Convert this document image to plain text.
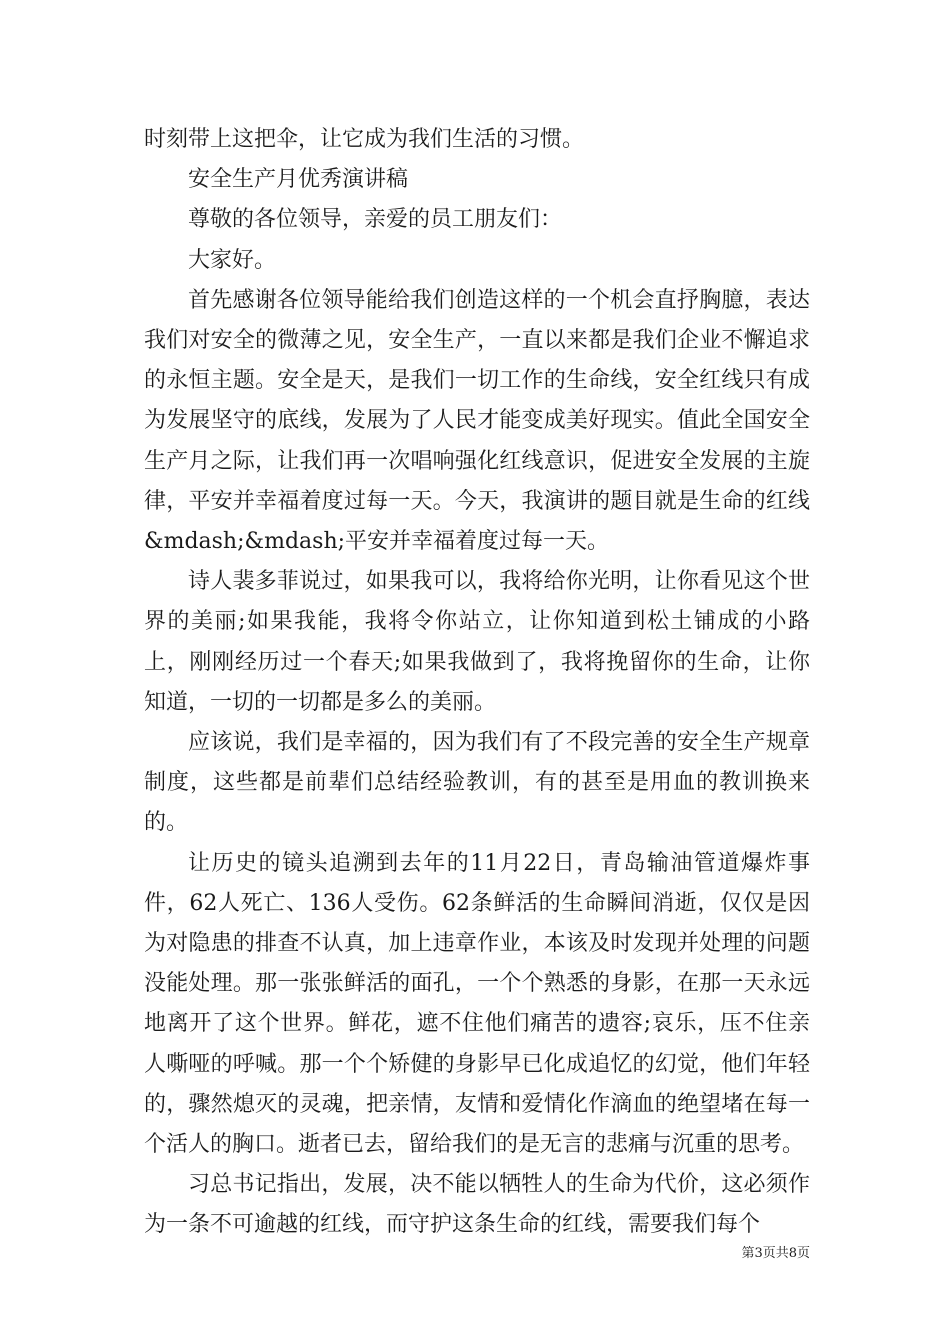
时刻带上这把伞，让它成为我们生活的习惯。

安全生产月优秀演讲稿

尊敬的各位领导，亲爱的员工朋友们：

大家好。

首先感谢各位领导能给我们创造这样的一个机会直抒胸臆，表达我们对安全的微薄之见，安全生产，一直以来都是我们企业不懈追求的永恒主题。安全是天，是我们一切工作的生命线，安全红线只有成为发展坚守的底线，发展为了人民才能变成美好现实。值此全国安全生产月之际，让我们再一次唱响强化红线意识，促进安全发展的主旋律，平安并幸福着度过每一天。今天，我演讲的题目就是生命的红线&mdash;&mdash;平安并幸福着度过每一天。

诗人裴多菲说过，如果我可以，我将给你光明，让你看见这个世界的美丽;如果我能，我将令你站立，让你知道到松土铺成的小路上，刚刚经历过一个春天;如果我做到了，我将挽留你的生命，让你知道，一切的一切都是多么的美丽。

应该说，我们是幸福的，因为我们有了不段完善的安全生产规章制度，这些都是前辈们总结经验教训，有的甚至是用血的教训换来的。

让历史的镜头追溯到去年的11月22日，青岛输油管道爆炸事件，62人死亡、136人受伤。62条鲜活的生命瞬间消逝，仅仅是因为对隐患的排查不认真，加上违章作业，本该及时发现并处理的问题没能处理。那一张张鲜活的面孔，一个个熟悉的身影，在那一天永远地离开了这个世界。鲜花，遮不住他们痛苦的遗容;哀乐，压不住亲人嘶哑的呼喊。那一个个矫健的身影早已化成追忆的幻觉，他们年轻的，骤然熄灭的灵魂，把亲情，友情和爱情化作滴血的绝望堵在每一个活人的胸口。逝者已去，留给我们的是无言的悲痛与沉重的思考。

习总书记指出，发展，决不能以牺牲人的生命为代价，这必须作为一条不可逾越的红线，而守护这条生命的红线，需要我们每个

第3页共8页
